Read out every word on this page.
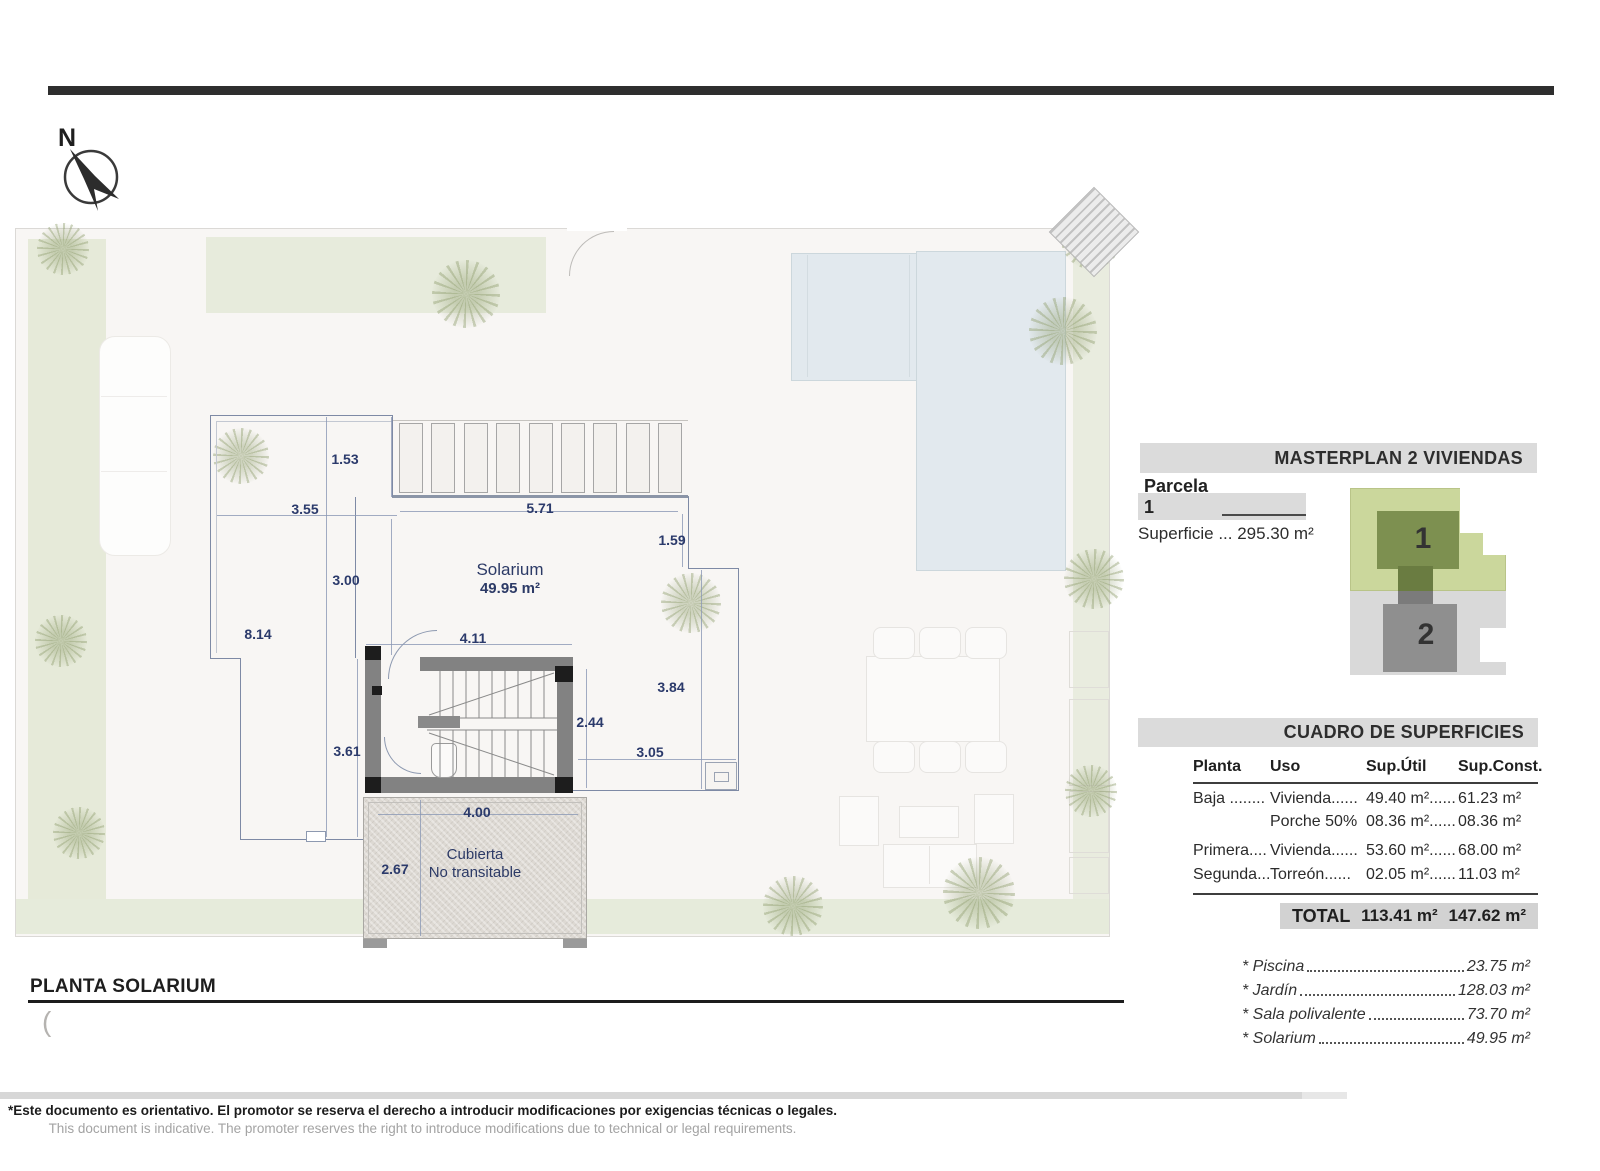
N
Cubierta
No transitable
Solarium
49.95 m²
1.53
3.55	5.71
1.59
3.00
8.14	4.11
2.44
3.84
3.05
3.61
4.00
2.67
PLANTA SOLARIUM
(
MASTERPLAN 2 VIVIENDAS
Parcela 1
Superficie ... 295.30 m²	1
2
CUADRO DE SUPERFICIES
Planta	Uso	Sup.Útil	Sup.Const.
Baja ........ Vivienda...... 49.40 m²...... 61.23 m²
Porche 50% 08.36 m²...... 08.36 m²
Primera.... Vivienda...... 53.60 m²...... 68.00 m²
Segunda... Torreón...... 02.05 m²...... 11.03 m²
TOTAL 113.41 m² 147.62 m²
* Piscina	23.75 m²
* Jardín	128.03 m²
* Sala polivalente	73.70 m²
* Solarium	49.95 m²
*Este documento es orientativo. El promotor se reserva el derecho a introducir modificaciones por exigencias técnicas o legales.
This document is indicative. The promoter reserves the right to introduce modifications due to technical or legal requirements.
